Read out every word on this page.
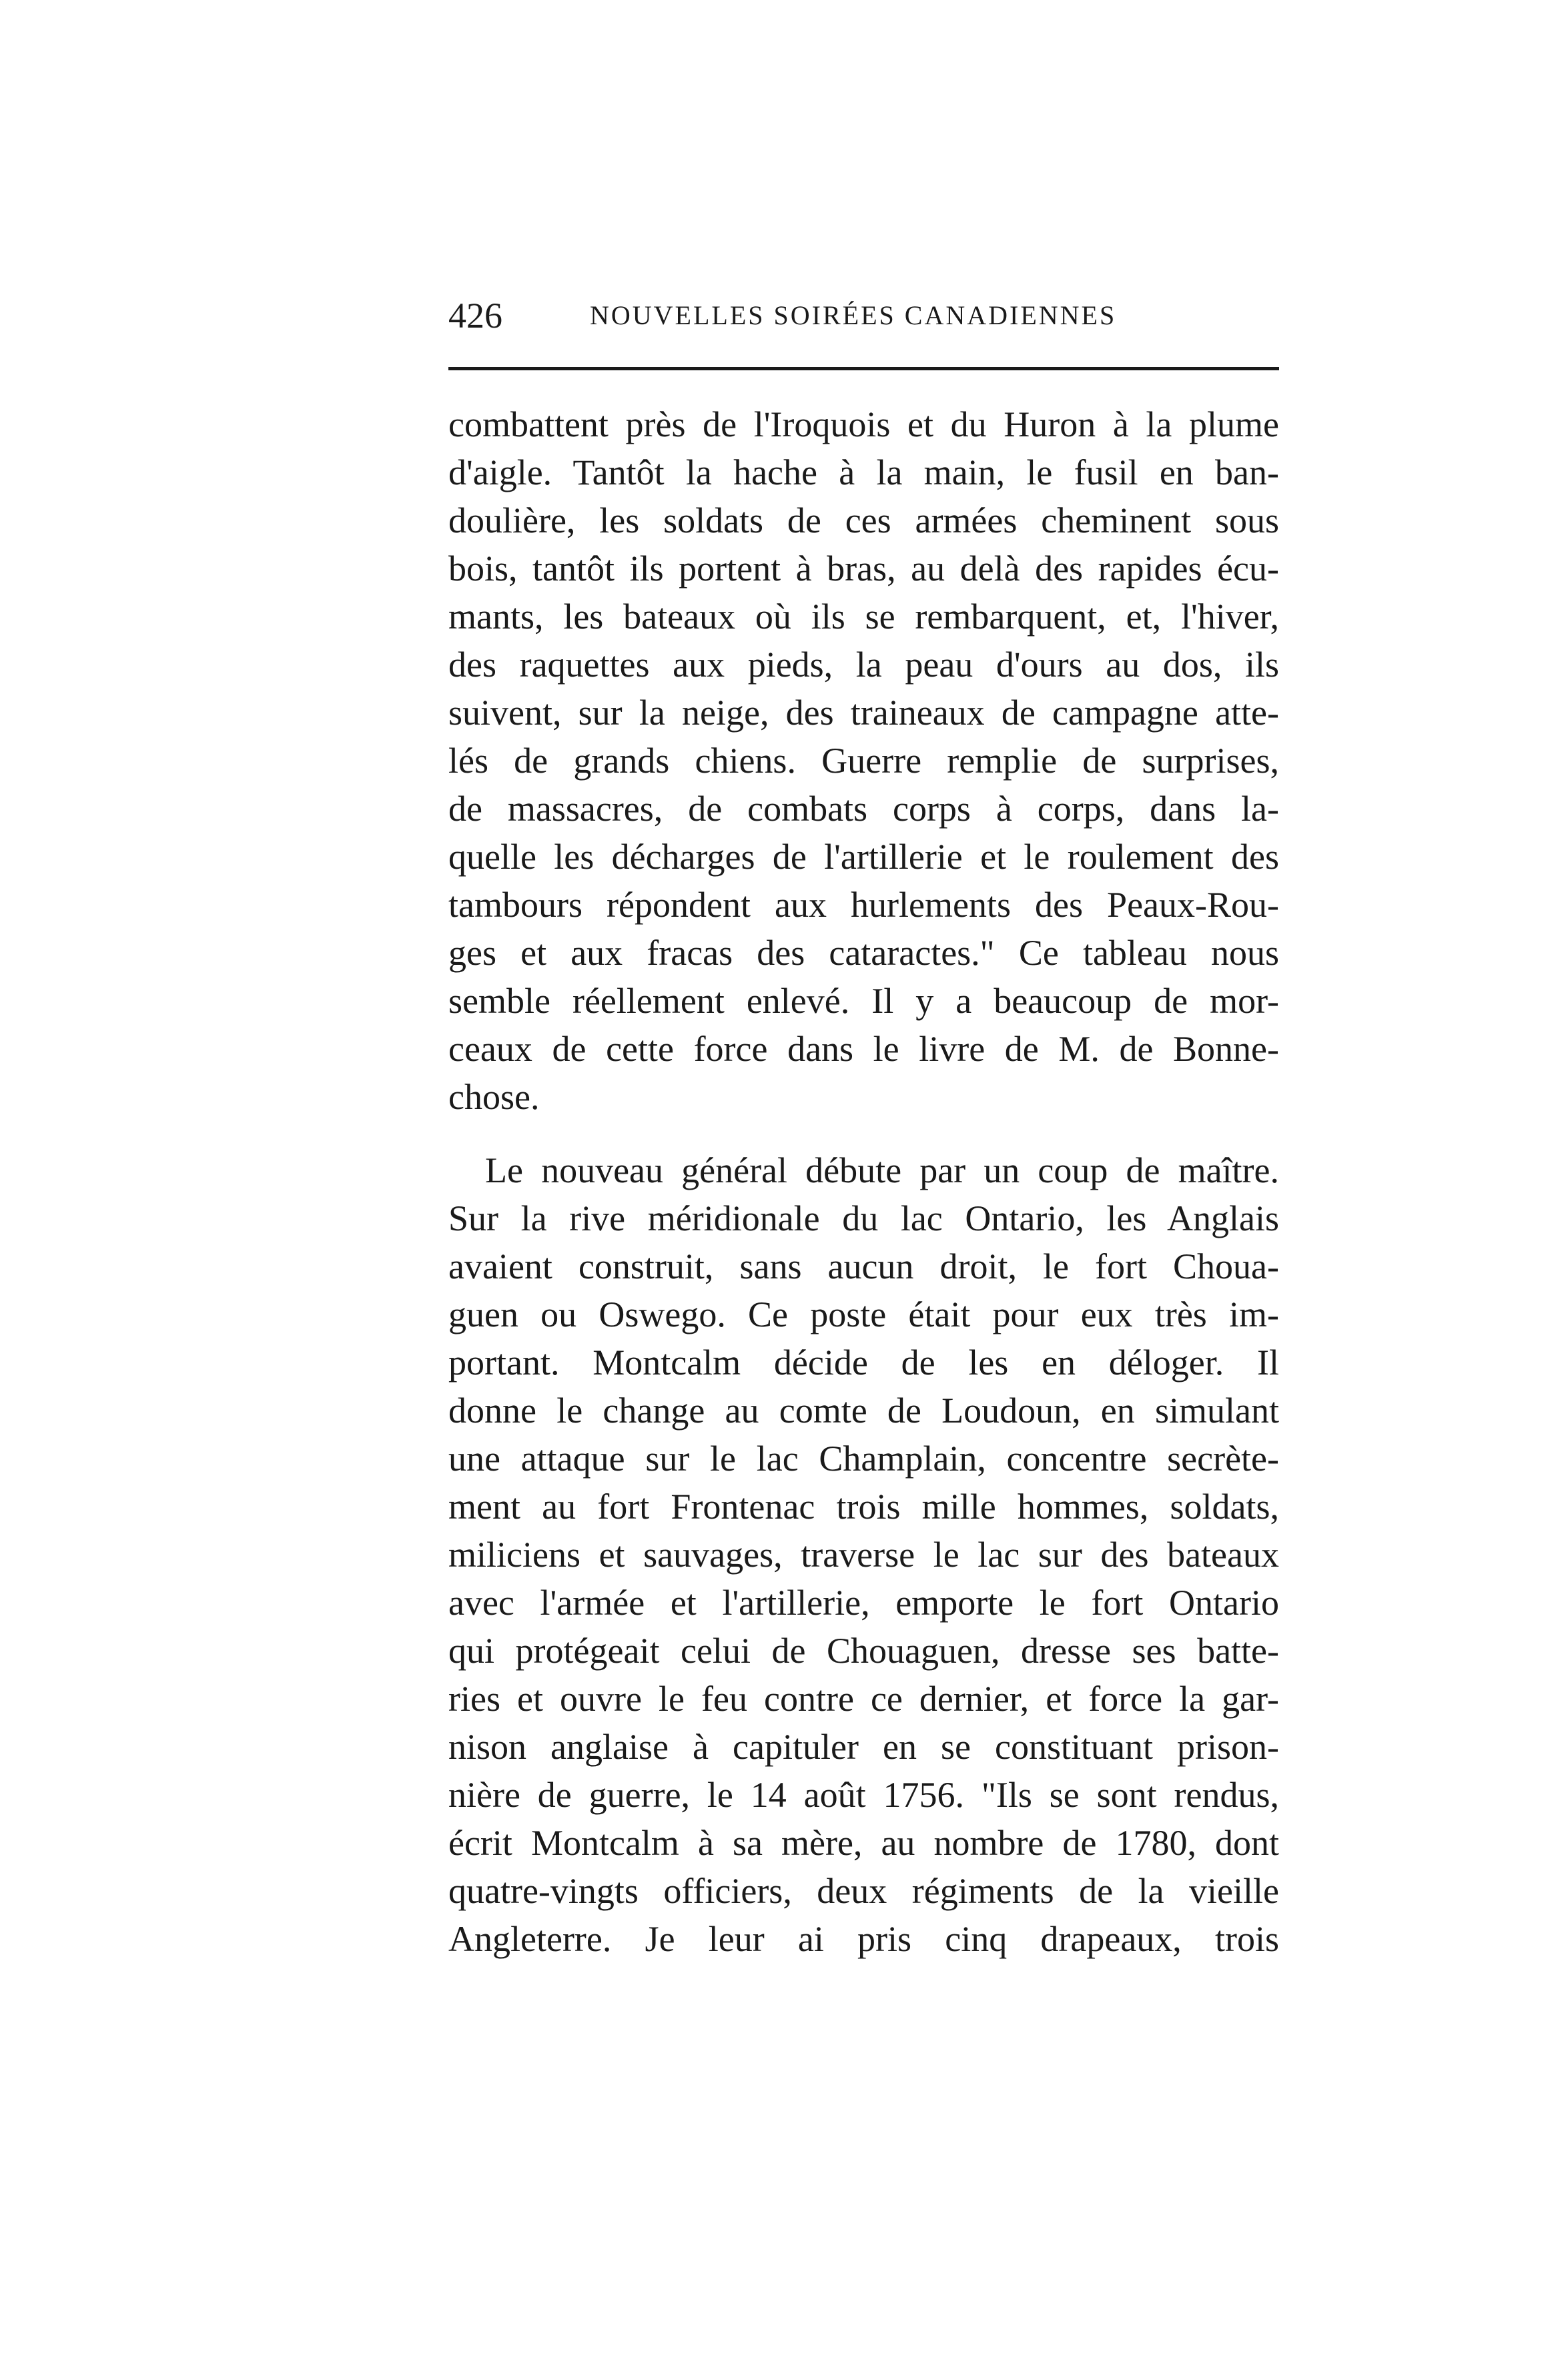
426	NOUVELLES SOIRÉES CANADIENNES
combattent près de l'Iroquois et du Huron à la plume
d'aigle. Tantôt la hache à la main, le fusil en ban-
doulière, les soldats de ces armées cheminent sous
bois, tantôt ils portent à bras, au delà des rapides écu-
mants, les bateaux où ils se rembarquent, et, l'hiver,
des raquettes aux pieds, la peau d'ours au dos, ils
suivent, sur la neige, des traineaux de campagne atte-
lés de grands chiens. Guerre remplie de surprises,
de massacres, de combats corps à corps, dans la-
quelle les décharges de l'artillerie et le roulement des
tambours répondent aux hurlements des Peaux-Rou-
ges et aux fracas des cataractes." Ce tableau nous
semble réellement enlevé. Il y a beaucoup de mor-
ceaux de cette force dans le livre de M. de Bonne-
chose.
Le nouveau général débute par un coup de maître.
Sur la rive méridionale du lac Ontario, les Anglais
avaient construit, sans aucun droit, le fort Choua-
guen ou Oswego. Ce poste était pour eux très im-
portant. Montcalm décide de les en déloger. Il
donne le change au comte de Loudoun, en simulant
une attaque sur le lac Champlain, concentre secrète-
ment au fort Frontenac trois mille hommes, soldats,
miliciens et sauvages, traverse le lac sur des bateaux
avec l'armée et l'artillerie, emporte le fort Ontario
qui protégeait celui de Chouaguen, dresse ses batte-
ries et ouvre le feu contre ce dernier, et force la gar-
nison anglaise à capituler en se constituant prison-
nière de guerre, le 14 août 1756. "Ils se sont rendus,
écrit Montcalm à sa mère, au nombre de 1780, dont
quatre-vingts officiers, deux régiments de la vieille
Angleterre. Je leur ai pris cinq drapeaux, trois
